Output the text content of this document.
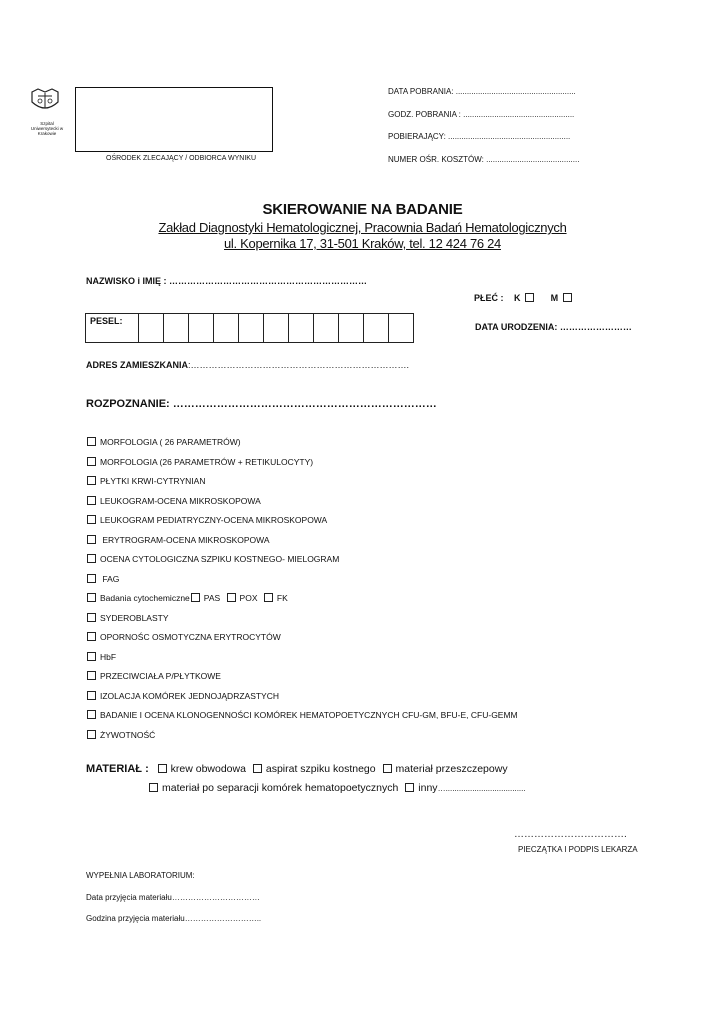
Szpital Uniwersytecki w Krakowie
OŚRODEK ZLECAJĄCY / ODBIORCA WYNIKU
DATA POBRANIA: ......................................................
GODZ. POBRANIA : ..................................................
POBIERAJĄCY: .......................................................
NUMER OŚR. KOSZTÓW: ..........................................
SKIEROWANIE NA BADANIE
Zakład Diagnostyki Hematologicznej, Pracownia Badań Hematologicznych
ul. Kopernika 17, 31-501 Kraków, tel. 12 424 76 24
NAZWISKO i IMIĘ : …………………………………………………………
PŁEĆ : K	M
PESEL:											
DATA URODZENIA: ……………………
ADRES ZAMIESZKANIA:……………………………………………………………….
ROZPOZNANIE: ………………………………………………………………
MORFOLOGIA ( 26 PARAMETRÓW)
MORFOLOGIA (26 PARAMETRÓW + RETIKULOCYTY)
PŁYTKI KRWI-CYTRYNIAN
LEUKOGRAM-OCENA MIKROSKOPOWA
LEUKOGRAM PEDIATRYCZNY-OCENA MIKROSKOPOWA
ERYTROGRAM-OCENA MIKROSKOPOWA
OCENA CYTOLOGICZNA SZPIKU KOSTNEGO- MIELOGRAM
FAG
Badania cytochemiczne PAS POX FK
SYDEROBLASTY
OPORNOŚC OSMOTYCZNA ERYTROCYTÓW
HbF
PRZECIWCIAŁA P/PŁYTKOWE
IZOLACJA KOMÓREK JEDNOJĄDRZASTYCH
BADANIE I OCENA KLONOGENNOŚCI KOMÓREK HEMATOPOETYCZNYCH CFU-GM, BFU-E, CFU-GEMM
ŻYWOTNOŚĆ
MATERIAŁ : krew obwodowa aspirat szpiku kostnego materiał przeszczepowy
materiał po separacji komórek hematopoetycznych inny…....................................
…………………………….
PIECZĄTKA I PODPIS LEKARZA
WYPEŁNIA LABORATORIUM:
Data przyjęcia materiału……………………………
Godzina przyjęcia materiału………………………..
